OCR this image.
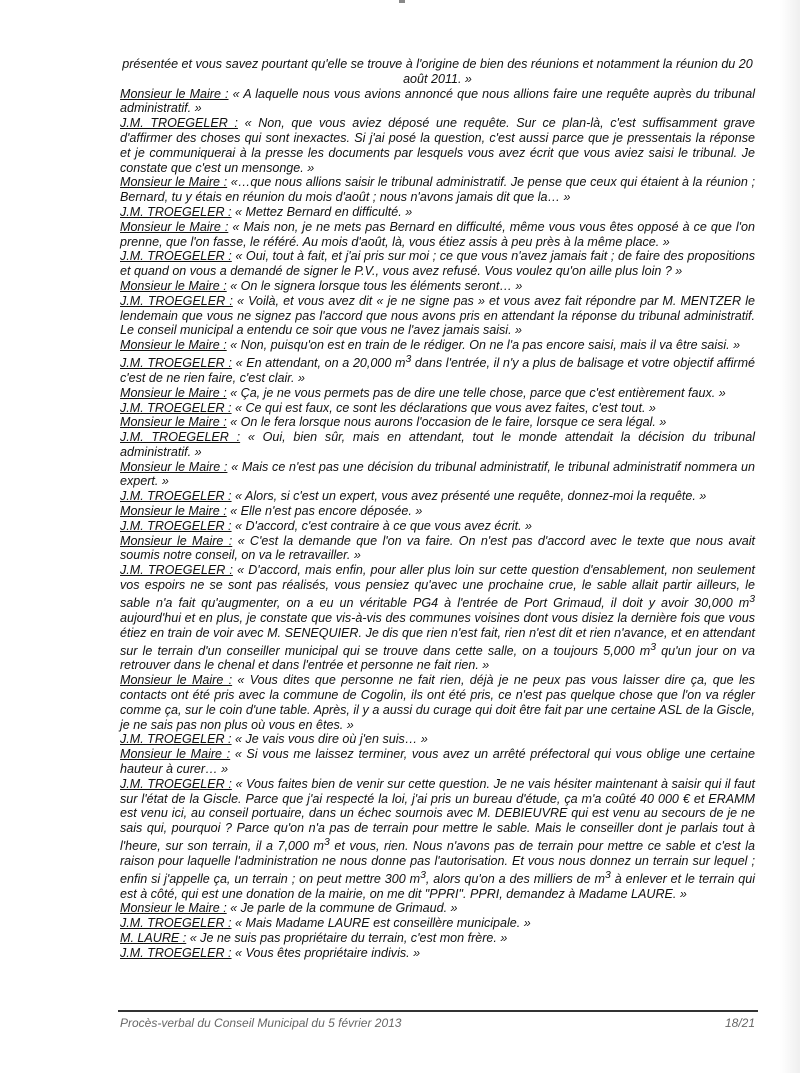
présentée et vous savez pourtant qu'elle se trouve à l'origine de bien des réunions et notamment la réunion du 20 août 2011. »

Monsieur le Maire : « A laquelle nous vous avions annoncé que nous allions faire une requête auprès du tribunal administratif. »

J.M. TROEGELER : « Non, que vous aviez déposé une requête. Sur ce plan-là, c'est suffisamment grave d'affirmer des choses qui sont inexactes. Si j'ai posé la question, c'est aussi parce que je pressentais la réponse et je communiquerai à la presse les documents par lesquels vous avez écrit que vous aviez saisi le tribunal. Je constate que c'est un mensonge. »

Monsieur le Maire : «…que nous allions saisir le tribunal administratif. Je pense que ceux qui étaient à la réunion ; Bernard, tu y étais en réunion du mois d'août ; nous n'avons jamais dit que la… »

J.M. TROEGELER : « Mettez Bernard en difficulté. »

Monsieur le Maire : « Mais non, je ne mets pas Bernard en difficulté, même vous vous êtes opposé à ce que l'on prenne, que l'on fasse, le référé. Au mois d'août, là, vous étiez assis à peu près à la même place. »

J.M. TROEGELER : « Oui, tout à fait, et j'ai pris sur moi ; ce que vous n'avez jamais fait ; de faire des propositions et quand on vous a demandé de signer le P.V., vous avez refusé. Vous voulez qu'on aille plus loin ? »

Monsieur le Maire : « On le signera lorsque tous les éléments seront… »

J.M. TROEGELER : « Voilà, et vous avez dit « je ne signe pas » et vous avez fait répondre par M. MENTZER le lendemain que vous ne signez pas l'accord que nous avons pris en attendant la réponse du tribunal administratif. Le conseil municipal a entendu ce soir que vous ne l'avez jamais saisi. »

Monsieur le Maire : « Non, puisqu'on est en train de le rédiger. On ne l'a pas encore saisi, mais il va être saisi. »

J.M. TROEGELER : « En attendant, on a 20,000 $m^3$ dans l'entrée, il n'y a plus de balisage et votre objectif affirmé c'est de ne rien faire, c'est clair. »

Monsieur le Maire : « Ça, je ne vous permets pas de dire une telle chose, parce que c'est entièrement faux. »

J.M. TROEGELER : « Ce qui est faux, ce sont les déclarations que vous avez faites, c'est tout. »

Monsieur le Maire : « On le fera lorsque nous aurons l'occasion de le faire, lorsque ce sera légal. »

J.M. TROEGELER : « Oui, bien sûr, mais en attendant, tout le monde attendait la décision du tribunal administratif. »

Monsieur le Maire : « Mais ce n'est pas une décision du tribunal administratif, le tribunal administratif nommera un expert. »

J.M. TROEGELER : « Alors, si c'est un expert, vous avez présenté une requête, donnez-moi la requête. »

Monsieur le Maire : « Elle n'est pas encore déposée. »

J.M. TROEGELER : « D'accord, c'est contraire à ce que vous avez écrit. »

Monsieur le Maire : « C'est la demande que l'on va faire. On n'est pas d'accord avec le texte que nous avait soumis notre conseil, on va le retravailler. »

J.M. TROEGELER : « D'accord, mais enfin, pour aller plus loin sur cette question d'ensablement, non seulement vos espoirs ne se sont pas réalisés, vous pensiez qu'avec une prochaine crue, le sable allait partir ailleurs, le sable n'a fait qu'augmenter, on a eu un véritable PG4 à l'entrée de Port Grimaud, il doit y avoir 30,000 $m^3$ aujourd'hui et en plus, je constate que vis-à-vis des communes voisines dont vous disiez la dernière fois que vous étiez en train de voir avec M. SENEQUIER. Je dis que rien n'est fait, rien n'est dit et rien n'avance, et en attendant sur le terrain d'un conseiller municipal qui se trouve dans cette salle, on a toujours 5,000 $m^3$ qu'un jour on va retrouver dans le chenal et dans l'entrée et personne ne fait rien. »

Monsieur le Maire : « Vous dites que personne ne fait rien, déjà je ne peux pas vous laisser dire ça, que les contacts ont été pris avec la commune de Cogolin, ils ont été pris, ce n'est pas quelque chose que l'on va régler comme ça, sur le coin d'une table. Après, il y a aussi du curage qui doit être fait par une certaine ASL de la Giscle, je ne sais pas non plus où vous en êtes. »

J.M. TROEGELER : « Je vais vous dire où j'en suis… »

Monsieur le Maire : « Si vous me laissez terminer, vous avez un arrêté préfectoral qui vous oblige une certaine hauteur à curer… »

J.M. TROEGELER : « Vous faites bien de venir sur cette question. Je ne vais hésiter maintenant à saisir qui il faut sur l'état de la Giscle. Parce que j'ai respecté la loi, j'ai pris un bureau d'étude, ça m'a coûté 40 000 € et ERAMM est venu ici, au conseil portuaire, dans un échec sournois avec M. DEBIEUVRE qui est venu au secours de je ne sais qui, pourquoi ? Parce qu'on n'a pas de terrain pour mettre le sable. Mais le conseiller dont je parlais tout à l'heure, sur son terrain, il a 7,000 $m^3$ et vous, rien. Nous n'avons pas de terrain pour mettre ce sable et c'est la raison pour laquelle l'administration ne nous donne pas l'autorisation. Et vous nous donnez un terrain sur lequel ; enfin si j'appelle ça, un terrain ; on peut mettre 300 $m^3$, alors qu'on a des milliers de $m^3$ à enlever et le terrain qui est à côté, qui est une donation de la mairie, on me dit "PPRI". PPRI, demandez à Madame LAURE. »

Monsieur le Maire : « Je parle de la commune de Grimaud. »

J.M. TROEGELER : « Mais Madame LAURE est conseillère municipale. »

M. LAURE : « Je ne suis pas propriétaire du terrain, c'est mon frère. »

J.M. TROEGELER : « Vous êtes propriétaire indivis. »

Procès-verbal du Conseil Municipal du 5 février 2013	18/21
